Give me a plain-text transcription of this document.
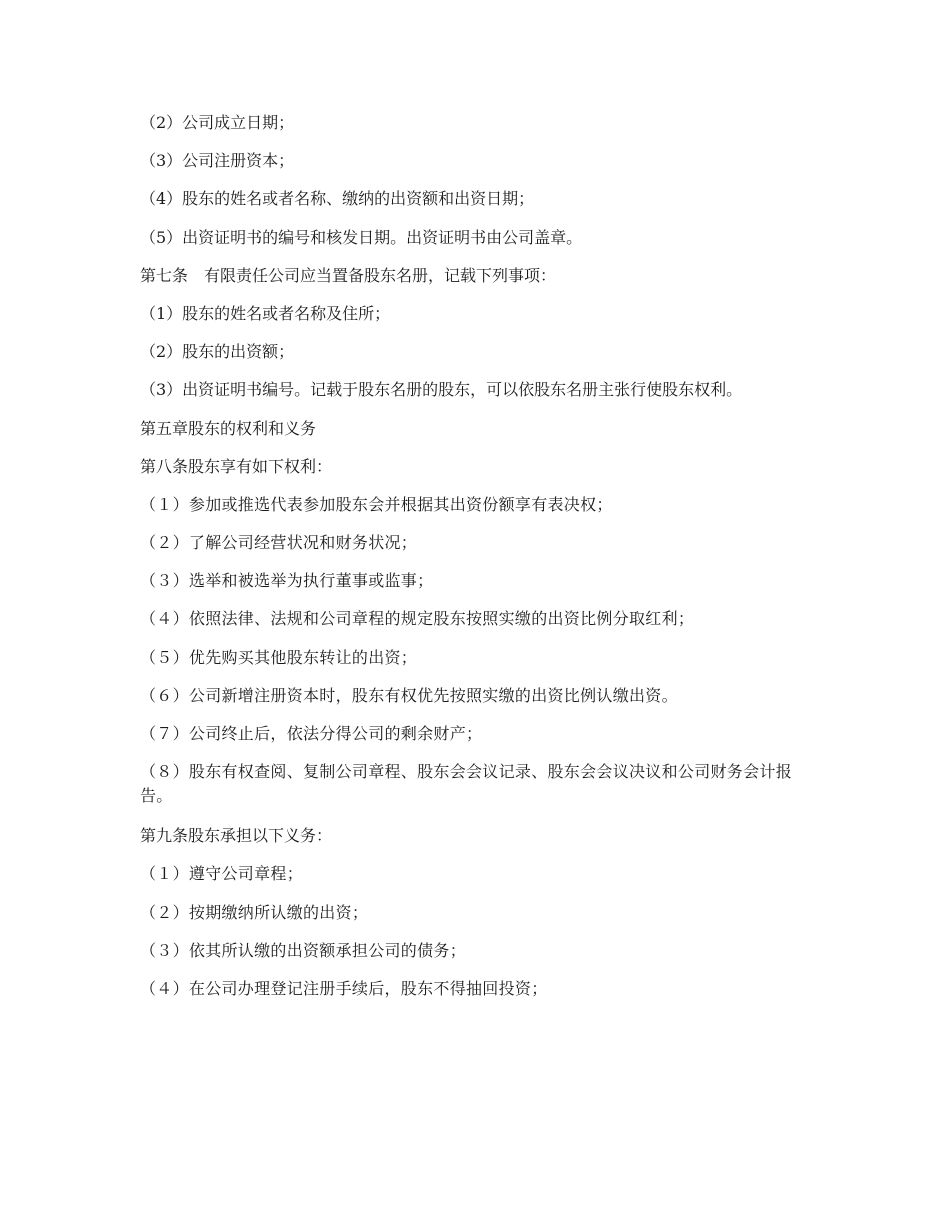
（2）公司成立日期；

（3）公司注册资本；

（4）股东的姓名或者名称、缴纳的出资额和出资日期；

（5）出资证明书的编号和核发日期。出资证明书由公司盖章。

第七条　有限责任公司应当置备股东名册，记载下列事项：

（1）股东的姓名或者名称及住所；

（2）股东的出资额；

（3）出资证明书编号。记载于股东名册的股东，可以依股东名册主张行使股东权利。

第五章股东的权利和义务

第八条股东享有如下权利：

（１）参加或推选代表参加股东会并根据其出资份额享有表决权；

（２）了解公司经营状况和财务状况；

（３）选举和被选举为执行董事或监事；

（４）依照法律、法规和公司章程的规定股东按照实缴的出资比例分取红利；

（５）优先购买其他股东转让的出资；

（６）公司新增注册资本时，股东有权优先按照实缴的出资比例认缴出资。

（７）公司终止后，依法分得公司的剩余财产；

（８）股东有权查阅、复制公司章程、股东会会议记录、股东会会议决议和公司财务会计报告。

第九条股东承担以下义务：

（１）遵守公司章程；

（２）按期缴纳所认缴的出资；

（３）依其所认缴的出资额承担公司的债务；

（４）在公司办理登记注册手续后，股东不得抽回投资；
